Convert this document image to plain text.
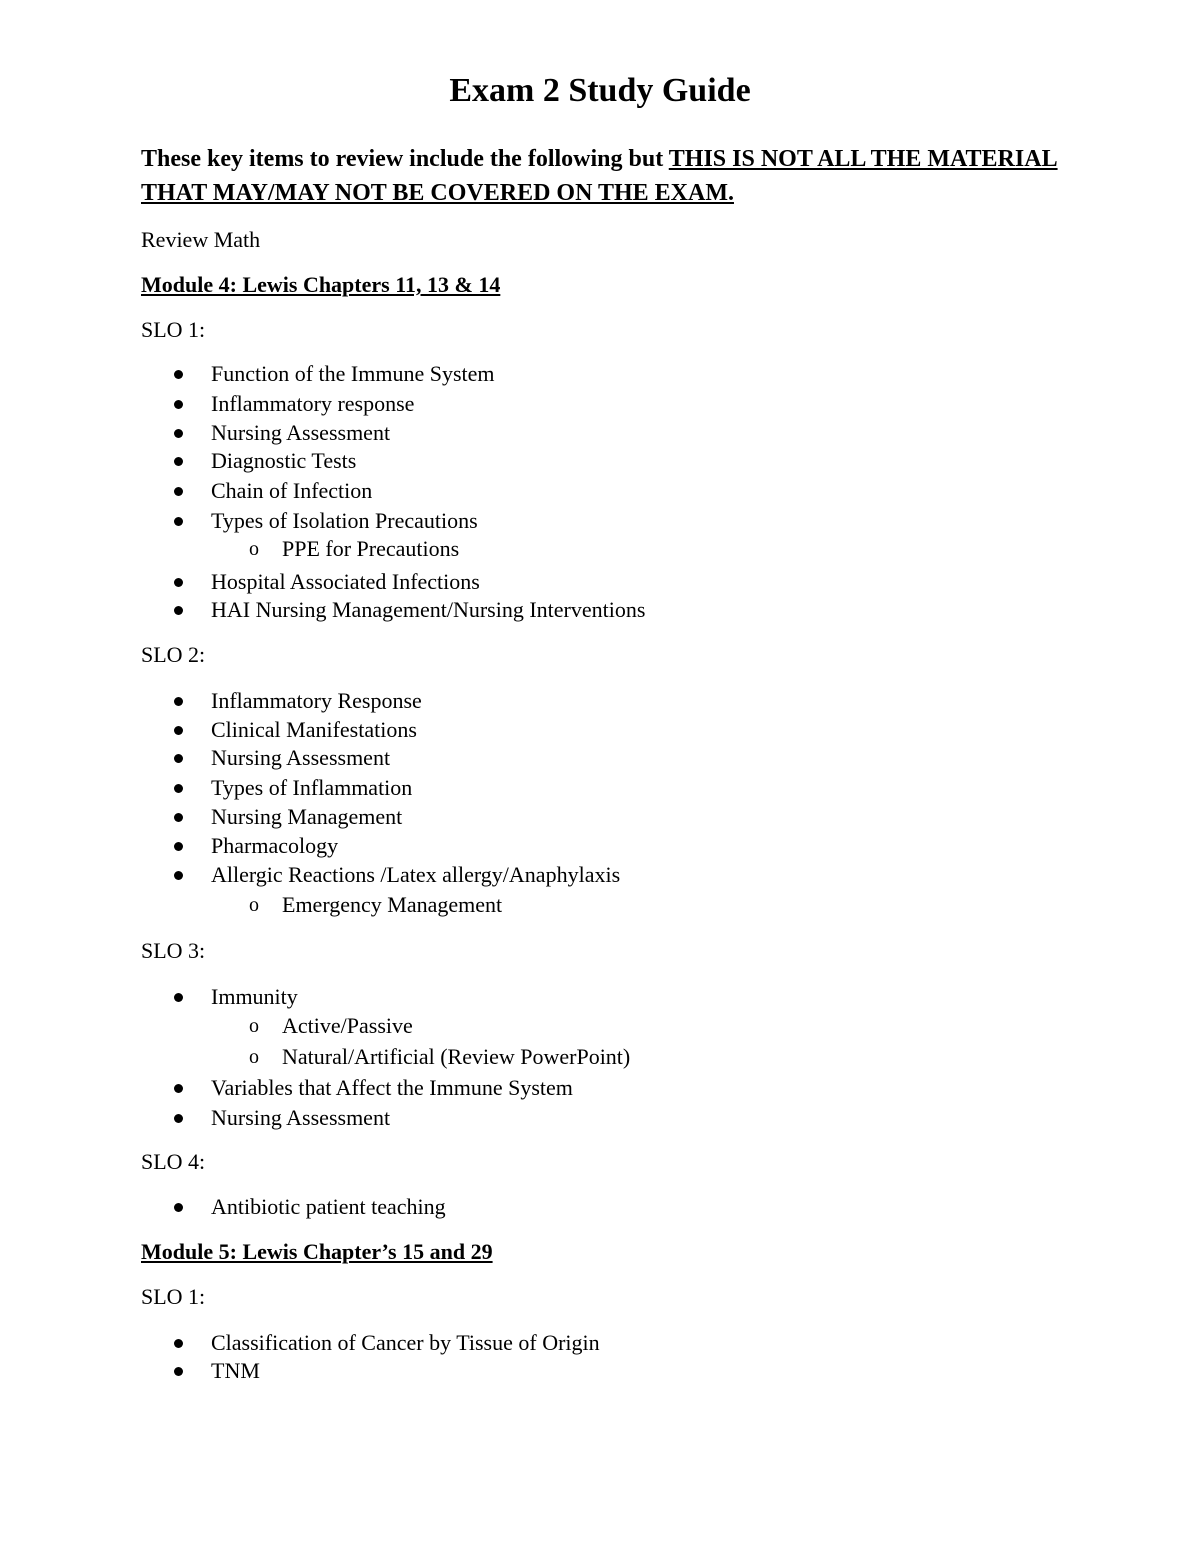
Exam 2 Study Guide

These key items to review include the following but THIS IS NOT ALL THE MATERIAL THAT MAY/MAY NOT BE COVERED ON THE EXAM.

Review Math
Module 4: Lewis Chapters 11, 13 & 14
SLO 1:
Function of the Immune System
Inflammatory response
Nursing Assessment
Diagnostic Tests
Chain of Infection
Types of Isolation Precautions
o PPE for Precautions
Hospital Associated Infections
HAI Nursing Management/Nursing Interventions
SLO 2:
Inflammatory Response
Clinical Manifestations
Nursing Assessment
Types of Inflammation
Nursing Management
Pharmacology
Allergic Reactions /Latex allergy/Anaphylaxis
o Emergency Management
SLO 3:
Immunity
o Active/Passive
o Natural/Artificial (Review PowerPoint)
Variables that Affect the Immune System
Nursing Assessment
SLO 4:
Antibiotic patient teaching
Module 5: Lewis Chapter’s 15 and 29
SLO 1:
Classification of Cancer by Tissue of Origin
TNM
